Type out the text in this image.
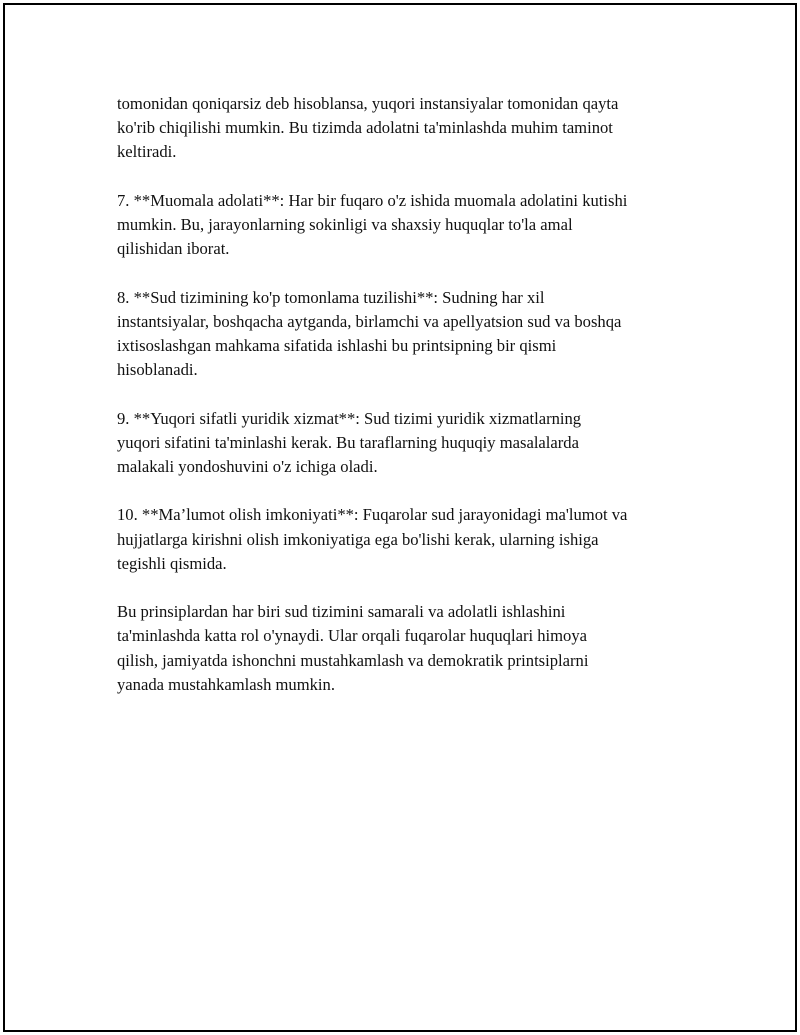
tomonidan qoniqarsiz deb hisoblansa, yuqori instansiyalar tomonidan qayta
ko'rib chiqilishi mumkin. Bu tizimda adolatni ta'minlashda muhim taminot
keltiradi.

7. **Muomala adolati**: Har bir fuqaro o'z ishida muomala adolatini kutishi
mumkin. Bu, jarayonlarning sokinligi va shaxsiy huquqlar to'la amal
qilishidan iborat.

8. **Sud tizimining ko'p tomonlama tuzilishi**: Sudning har xil
instantsiyalar, boshqacha aytganda, birlamchi va apellyatsion sud va boshqa
ixtisoslashgan mahkama sifatida ishlashi bu printsipning bir qismi
hisoblanadi.

9. **Yuqori sifatli yuridik xizmat**: Sud tizimi yuridik xizmatlarning
yuqori sifatini ta'minlashi kerak. Bu taraflarning huquqiy masalalarda
malakali yondoshuvini o'z ichiga oladi.

10. **Ma’lumot olish imkoniyati**: Fuqarolar sud jarayonidagi ma'lumot va
hujjatlarga kirishni olish imkoniyatiga ega bo'lishi kerak, ularning ishiga
tegishli qismida.

Bu prinsiplardan har biri sud tizimini samarali va adolatli ishlashini
ta'minlashda katta rol o'ynaydi. Ular orqali fuqarolar huquqlari himoya
qilish, jamiyatda ishonchni mustahkamlash va demokratik printsiplarni
yanada mustahkamlash mumkin.
